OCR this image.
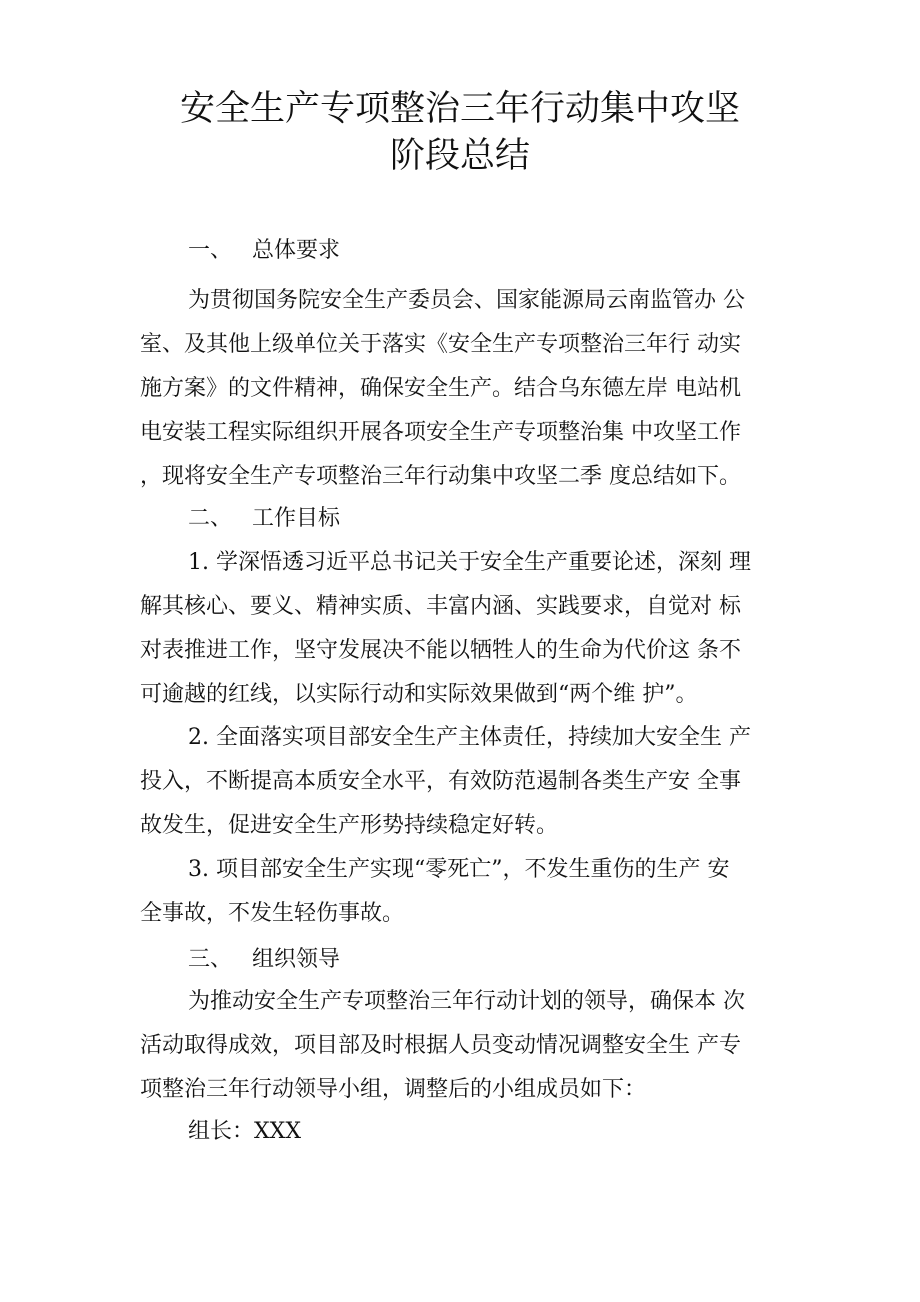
安全生产专项整治三年行动集中攻坚
阶段总结
一、 总体要求
为贯彻国务院安全生产委员会、国家能源局云南监管办 公
室、及其他上级单位关于落实《安全生产专项整治三年行 动实
施方案》的文件精神，确保安全生产。结合乌东德左岸 电站机
电安装工程实际组织开展各项安全生产专项整治集 中攻坚工作
，现将安全生产专项整治三年行动集中攻坚二季 度总结如下。
二、 工作目标
1. 学深悟透习近平总书记关于安全生产重要论述，深刻 理
解其核心、要义、精神实质、丰富内涵、实践要求，自觉对 标
对表推进工作，坚守发展决不能以牺牲人的生命为代价这 条不
可逾越的红线，以实际行动和实际效果做到“两个维 护”。
2. 全面落实项目部安全生产主体责任，持续加大安全生 产
投入，不断提高本质安全水平，有效防范遏制各类生产安 全事
故发生，促进安全生产形势持续稳定好转。
3. 项目部安全生产实现“零死亡”，不发生重伤的生产 安
全事故，不发生轻伤事故。
三、 组织领导
为推动安全生产专项整治三年行动计划的领导，确保本 次
活动取得成效，项目部及时根据人员变动情况调整安全生 产专
项整治三年行动领导小组，调整后的小组成员如下：
组长：XXX
